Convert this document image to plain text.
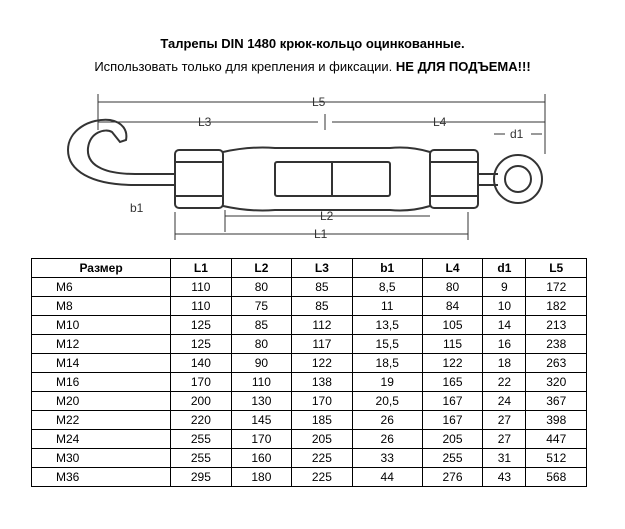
Талрепы DIN 1480 крюк-кольцо оцинкованные.
Использовать только для крепления и фиксации. НЕ ДЛЯ ПОДЪЕМА!!!
L5
L3	L4
d1
b1
L2
L1
Размер	L1	L2	L3	b1	L4	d1	L5
M6	110	80	85	8,5	80	9	172
M8	110	75	85	11	84	10	182
M10	125	85	112	13,5	105	14	213
M12	125	80	117	15,5	115	16	238
M14	140	90	122	18,5	122	18	263
M16	170	110	138	19	165	22	320
M20	200	130	170	20,5	167	24	367
M22	220	145	185	26	167	27	398
M24	255	170	205	26	205	27	447
M30	255	160	225	33	255	31	512
M36	295	180	225	44	276	43	568
